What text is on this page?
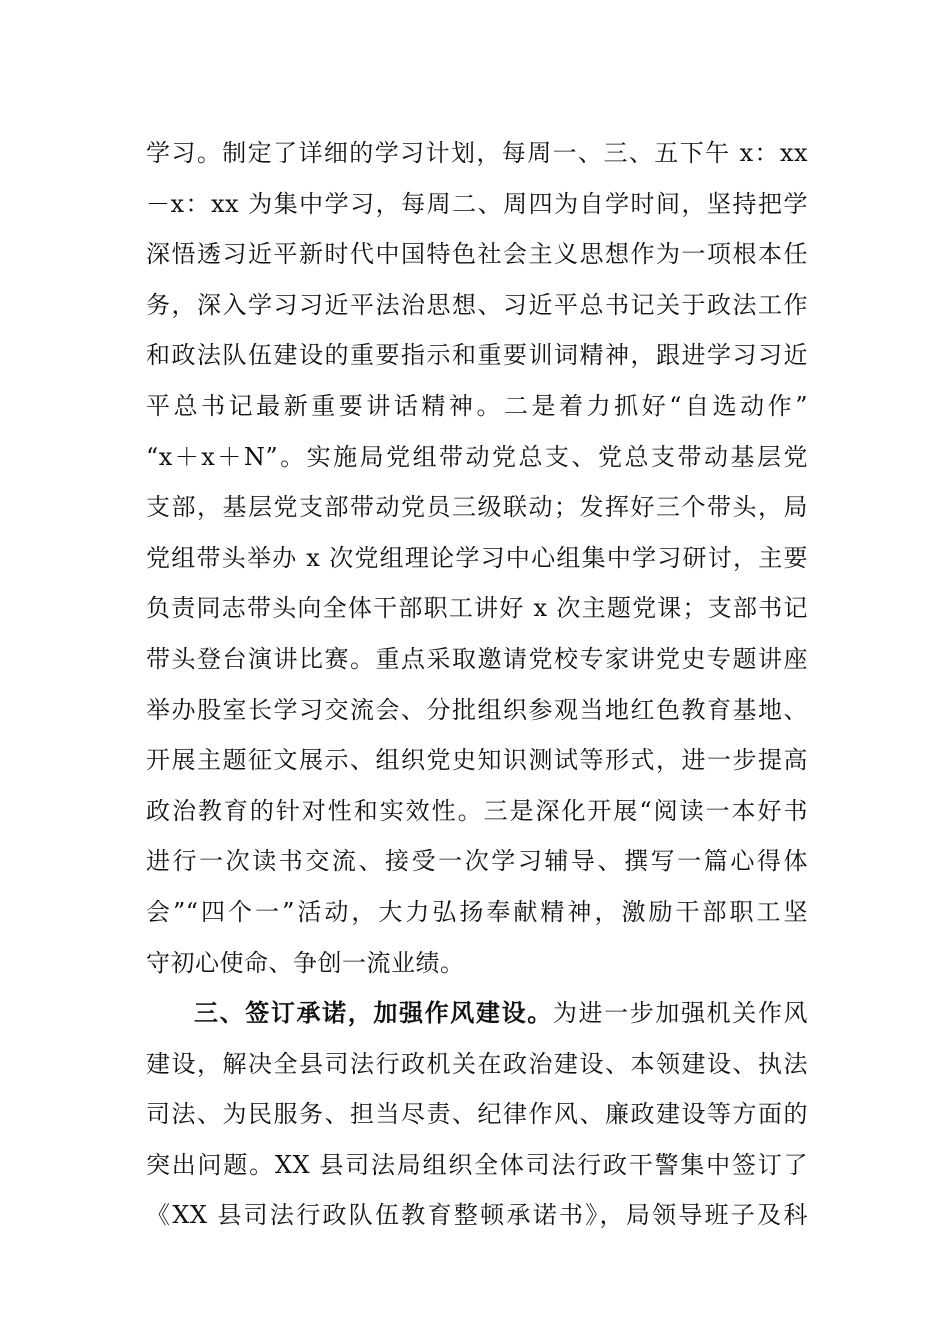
学习。制定了详细的学习计划，每周一、三、五下午 x：xx
－x：xx 为集中学习，每周二、周四为自学时间，坚持把学
深悟透习近平新时代中国特色社会主义思想作为一项根本任
务，深入学习习近平法治思想、习近平总书记关于政法工作
和政法队伍建设的重要指示和重要训词精神，跟进学习习近
平总书记最新重要讲话精神。二是着力抓好“自选动作”
“x＋x＋N”。实施局党组带动党总支、党总支带动基层党
支部，基层党支部带动党员三级联动；发挥好三个带头，局
党组带头举办 x 次党组理论学习中心组集中学习研讨，主要
负责同志带头向全体干部职工讲好 x 次主题党课；支部书记
带头登台演讲比赛。重点采取邀请党校专家讲党史专题讲座
举办股室长学习交流会、分批组织参观当地红色教育基地、
开展主题征文展示、组织党史知识测试等形式，进一步提高
政治教育的针对性和实效性。三是深化开展“阅读一本好书
进行一次读书交流、接受一次学习辅导、撰写一篇心得体
会”“四个一”活动，大力弘扬奉献精神，激励干部职工坚
守初心使命、争创一流业绩。
三、签订承诺，加强作风建设。为进一步加强机关作风
建设，解决全县司法行政机关在政治建设、本领建设、执法
司法、为民服务、担当尽责、纪律作风、廉政建设等方面的
突出问题。XX 县司法局组织全体司法行政干警集中签订了
《XX 县司法行政队伍教育整顿承诺书》，局领导班子及科
